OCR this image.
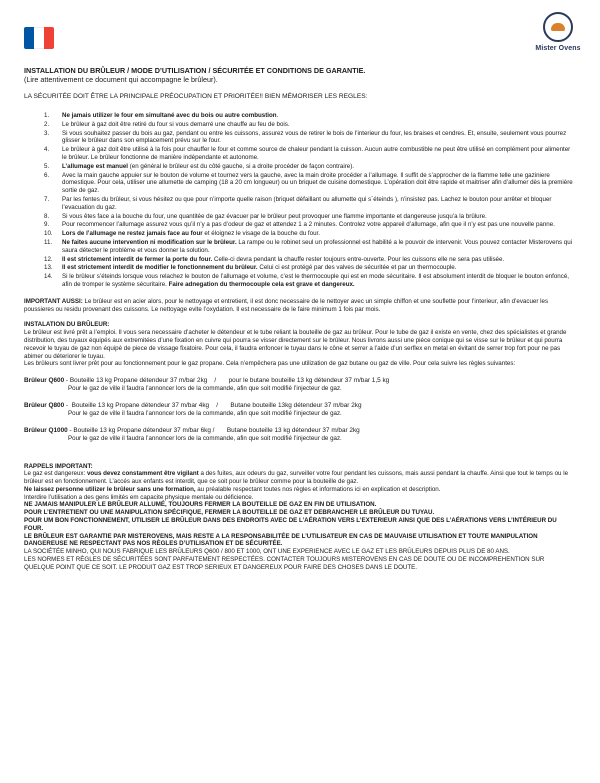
Mister Ovens
INSTALLATION DU BRÛLEUR / MODE D’UTILISATION / SÉCURITÉE ET CONDITIONS DE GARANTIE.
(Lire attentivement ce document qui accompagne le brûleur).
LA SÉCURITÉE DOIT ÊTRE LA PRINCIPALE PRÉOCUPATION ET PRIORITÉE!! BIEN MÉMORISER LES REGLES:
1.	Ne jamais utilizer le four em simultané avec du bois ou autre combustion.
2.	Le brûleur à gaz doit être retiré du four si vous demarré une chauffe au feu de bois.
3.	Si vous souhaitez passer du bois au gaz, pendant ou entre les cuissons, assurez vous de retirer le bois de l’interieur du four, les braises et cendres. Et, ensuite, seulement vous pourrez glisser le brûleur dans son emplacement prévu sur le four.
4.	Le brûleur à gaz doit être utilisé à la fois pour chauffer le four et comme source de chaleur pendant la cuisson. Aucun autre combustible ne peut être utilisé en complément pour alimenter le brûleur. Le brûleur fonctionne de manière indépendante et autonome.
5.	L’allumage est manuel (en général le brûleur est du côté gauche, si a droite procéder de façon contraire).
6.	Avec la main gauche appuier sur le bouton de volume et tournez vers la gauche, avec la main droite procéder a l’allumage. Il suffit de s’approcher de la flamme telle une gaziniere domestique. Pour cela, utiliser une allumette de camping (18 a 20 cm longueur) ou un briquet de cuisine domestique. L’opération doit être rapide et maitriser afin d’allumer dès la première sortie de gaz.
7.	Par les fentes du brûleur, si vous hésitez ou que pour n’importe quelle raison (briquet défaillant ou allumette qui s´éteinds ), n’insistez pas. Lachez le bouton pour arrêter et bloquer l’evacuation du gaz.
8.	Si vous êtes face a la bouche du four, une quantitée de gaz évacuer par le brûleur peut provoquer une flamme importante et dangereuse jusqu’a la brûlure.
9.	Pour recommencer l’allumage assurez vous qu’il n’y a pas d’odeur de gaz et attendez 1 a 2 minutes. Controlez votre appareil d’allumage, afin que il n’y est pas une nouvelle panne.
10.	Lors de l’allumage ne restez jamais face au four et éloignez le visage de la bouche du four.
11.	Ne faites aucune intervention ni modification sur le brûleur. La rampe ou le robinet seul un professionnel est habilité a le pouvoir de intervenir. Vous pouvez contacter Misterovens qui saura détecter le problème et vous donner la solution.
12.	Il est strictement interdit de fermer la porte du four. Celle-ci devra pendant la chauffe rester toujours entre-ouverte. Pour les cuissons elle ne sera pas utilisée.
13.	Il est strictement interdit de modifier le fonctionnement du brûleur. Celui ci est protégé par des valves de sécuritée et par un thermocouple.
14.	Si le brûleur s’éteinds lorsque vous relachez le bouton de l’allumage et volume, c’est le thermocouple qui est en mode sécuritaire. Il est absolument interdit de bloquer le bouton enfoncé, afin de tromper le système sécuritaire. Faire adnegation du thermocouple cela est grave et dangereux.

IMPORTANT AUSSI: Le brûleur est en acier alors, pour le nettoyage et entretient, il est donc necessaire de le nettoyer avec un simple chiffon et une souflette pour l’interieur, afin d’evacuer les poussieres ou residu provenant des cuissons. Le nettoyage evite l’oxydation. Il est necessaire de le faire minimum 1 fois par mois.

INSTALATION DU BRÛLEUR:

Le brûleur est livré prêt a l’emploi. Il vous sera necessaire d’acheter le détendeur et le tube reliant la bouteille de gaz au brûleur. Pour le tube de gaz il existe en vente, chez des spécialistes et grande distribution, des tuyaux équipés aux extremitées d’une fixation en cuivre qui pourra se visser directement sur le brûleur. Nous livrons aussi une piéce conique qui se visse sur le brûleur et qui pourra recevoir le tuyau de gaz non équipé de piece de vissage fixatoire. Pour cela, il faudra enfoncer le tuyau dans le cône et serrer a l’aide d’un serflex en metal en évitant de serrer trop fort pour ne pas abimer ou déteriorer le tuyau.

Les brûleurs sont livrer prêt pour au fonctionnement pour le gaz propane. Cela n’empêchera pas une utilization de gaz butane ou gaz de ville. Pour cela suivre les règles suivantes:

Brûleur Q600 - Bouteille 13 kg Propane détendeur 37 m/bar 2kg    /       pour le butane bouteille 13 kg détendeur 37 m/bar 1,5 kg
Pour le gaz de ville il faudra l’annoncer lors de la commande, afin que soit modifié l’injecteur de gaz.
Brûleur Q800 -  Bouteille 13 kg Propane détendeur 37 m/bar 4kg    /       Butane bouteille 13kg détendeur 37 m/bar 2kg
Pour le gaz de ville il faudra l’annoncer lors de la commande, afin que soit modifié l’injecteur de gaz.
Brûleur Q1000 - Bouteille 13 kg Propane détendeur 37 m/bar 6kg /       Butane bouteille 13 kg détendeur 37 m/bar 2kg
Pour le gaz de ville il faudra l’annoncer lors de la commande, afin que soit modifié l’injecteur de gaz.

RAPPELS IMPORTANT:

Le gaz est dangereux: vous devez constamment être vigilant a des fuites, aux odeurs du gaz, surveiller votre four pendant les cuissons, mais aussi pendant la chauffe. Ainsi que tout le temps ou le brûleur est en fonctionnement. L’accés aux enfants est interdit, que ce soit pour le brûleur comme pour la bouteille de gaz.

Ne laissez personne utilizer le brûleur sans une formation, au préalable respectant toutes nos règles et informations ici en explication et description.

Interdire l’utilisation a des gens limités em capacite physique mentale ou déficience.

NE JAMAIS MANIPULER LE BRÛLEUR ALLUMÉ, TOUJOURS FERMER LA BOUTEILLE DE GAZ EN FIN DE UTILISATION.

POUR L’ENTRETIENT OU UNE MANIPULATION SPÉCIFIQUE, FERMER LA BOUTEILLE DE GAZ ET DEBRANCHER LE BRÛLEUR DU TUYAU.

POUR UM BON FONCTIONNEMENT, UTILISER LE BRÛLEUR DANS DES ENDROITS AVEC DE L’AÉRATION VERS L’EXTERIEUR AINSI QUE DES L’AÉRATIONS VERS L’INTÉRIEUR DU FOUR.

LE BRÛLEUR EST GARANTIE PAR MISTEROVENS, MAIS RESTE A LA RESPONSABILITÉE DE L’UTILISATEUR EN CAS DE MAUVAISE UTILISATION ET TOUTE MANIPULATION DANGEREUSE NE RESPECTANT PAS NOS RÈGLES D’UTILISATION ET DE SÉCURITÉE.

LA SOCIÉTÉE MINHO, QUI NOUS FABRIQUE LES BRÛLEURS Q600 / 800 ET 1000, ONT UNE EXPERIENCE AVEC LE GAZ ET LES BRÛLEURS DEPUIS PLUS DE 80 ANS.

LES NORMES ET RÈGLES DE SÉCURITÉES SONT PARFAITEMENT RESPECTÉES. CONTACTER TOUJOURS MISTEROVENS EN CAS DE DOUTE OU DE INCOMPREHENTION SUR QUELQUE POINT QUE CE SOIT. LE PRODUIT GAZ EST TROP SERIEUX ET DANGEREUX POUR FAIRE DES CHOSES DANS LE DOUTE.
